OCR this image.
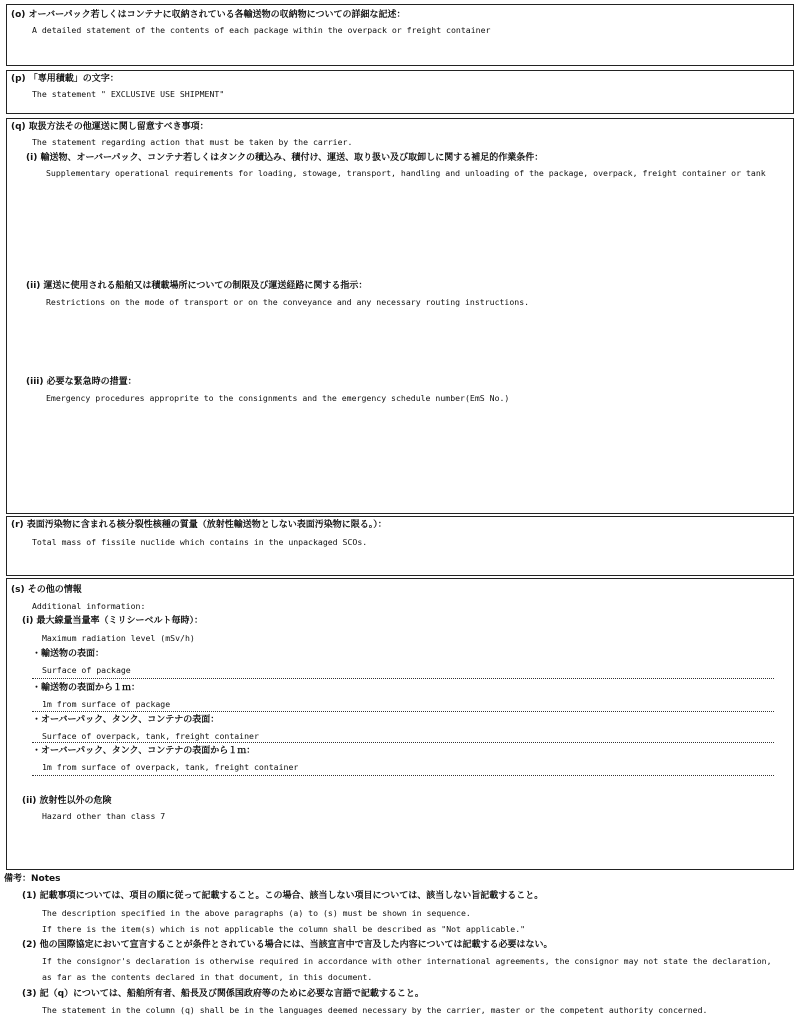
(o) オーバーパック若しくはコンテナに収納されている各輸送物の収納物についての詳細な記述：
A detailed statement of the contents of each package within the overpack or freight container
(p) 「専用積載」の文字：
The statement " EXCLUSIVE USE SHIPMENT"
(q) 取扱方法その他運送に関し留意すべき事項：
The statement regarding action that must be taken by the carrier.
(i) 輸送物、オーバーパック、コンテナ若しくはタンクの積込み、積付け、運送、取り扱い及び取卸しに関する補足的作業条件：
Supplementary operational requirements for loading, stowage, transport, handling and unloading of the package, overpack, freight container or tank
(ii) 運送に使用される船舶又は積載場所についての制限及び運送経路に関する指示：
Restrictions on the mode of transport or on the conveyance and any necessary routing instructions.
(iii) 必要な緊急時の措置：
Emergency procedures approprite to the consignments and the emergency schedule number(EmS No.)
(r) 表面汚染物に含まれる核分裂性核種の質量（放射性輸送物としない表面汚染物に限る。）：
Total mass of fissile nuclide which contains in the unpackaged SCOs.
(s) その他の情報
Additional information:
(i) 最大線量当量率（ミリシーベルト毎時）：
Maximum radiation level (mSv/h)
・輸送物の表面：
Surface of package
・輸送物の表面から１ｍ：
1m from surface of package
・オーバーパック、タンク、コンテナの表面：
Surface of overpack, tank, freight container
・オーバーパック、タンク、コンテナの表面から１ｍ：
1m from surface of overpack, tank, freight container
(ii) 放射性以外の危険
Hazard other than class 7
備考：Notes
(1) 記載事項については、項目の順に従って記載すること。この場合、該当しない項目については、該当しない旨記載すること。
The description specified in the above paragraphs (a) to (s) must be shown in sequence.
If there is the item(s) which is not applicable the column shall be described as "Not applicable."
(2) 他の国際協定において宣言することが条件とされている場合には、当該宣言中で言及した内容については記載する必要はない。
If the consignor's declaration is otherwise required in accordance with other international agreements, the consignor may not state the declaration,
as far as the contents declared in that document, in this document.
(3) 記（q）については、船舶所有者、船長及び関係国政府等のために必要な言語で記載すること。
The statement in the column (q) shall be in the languages deemed necessary by the carrier, master or the competent authority concerned.
